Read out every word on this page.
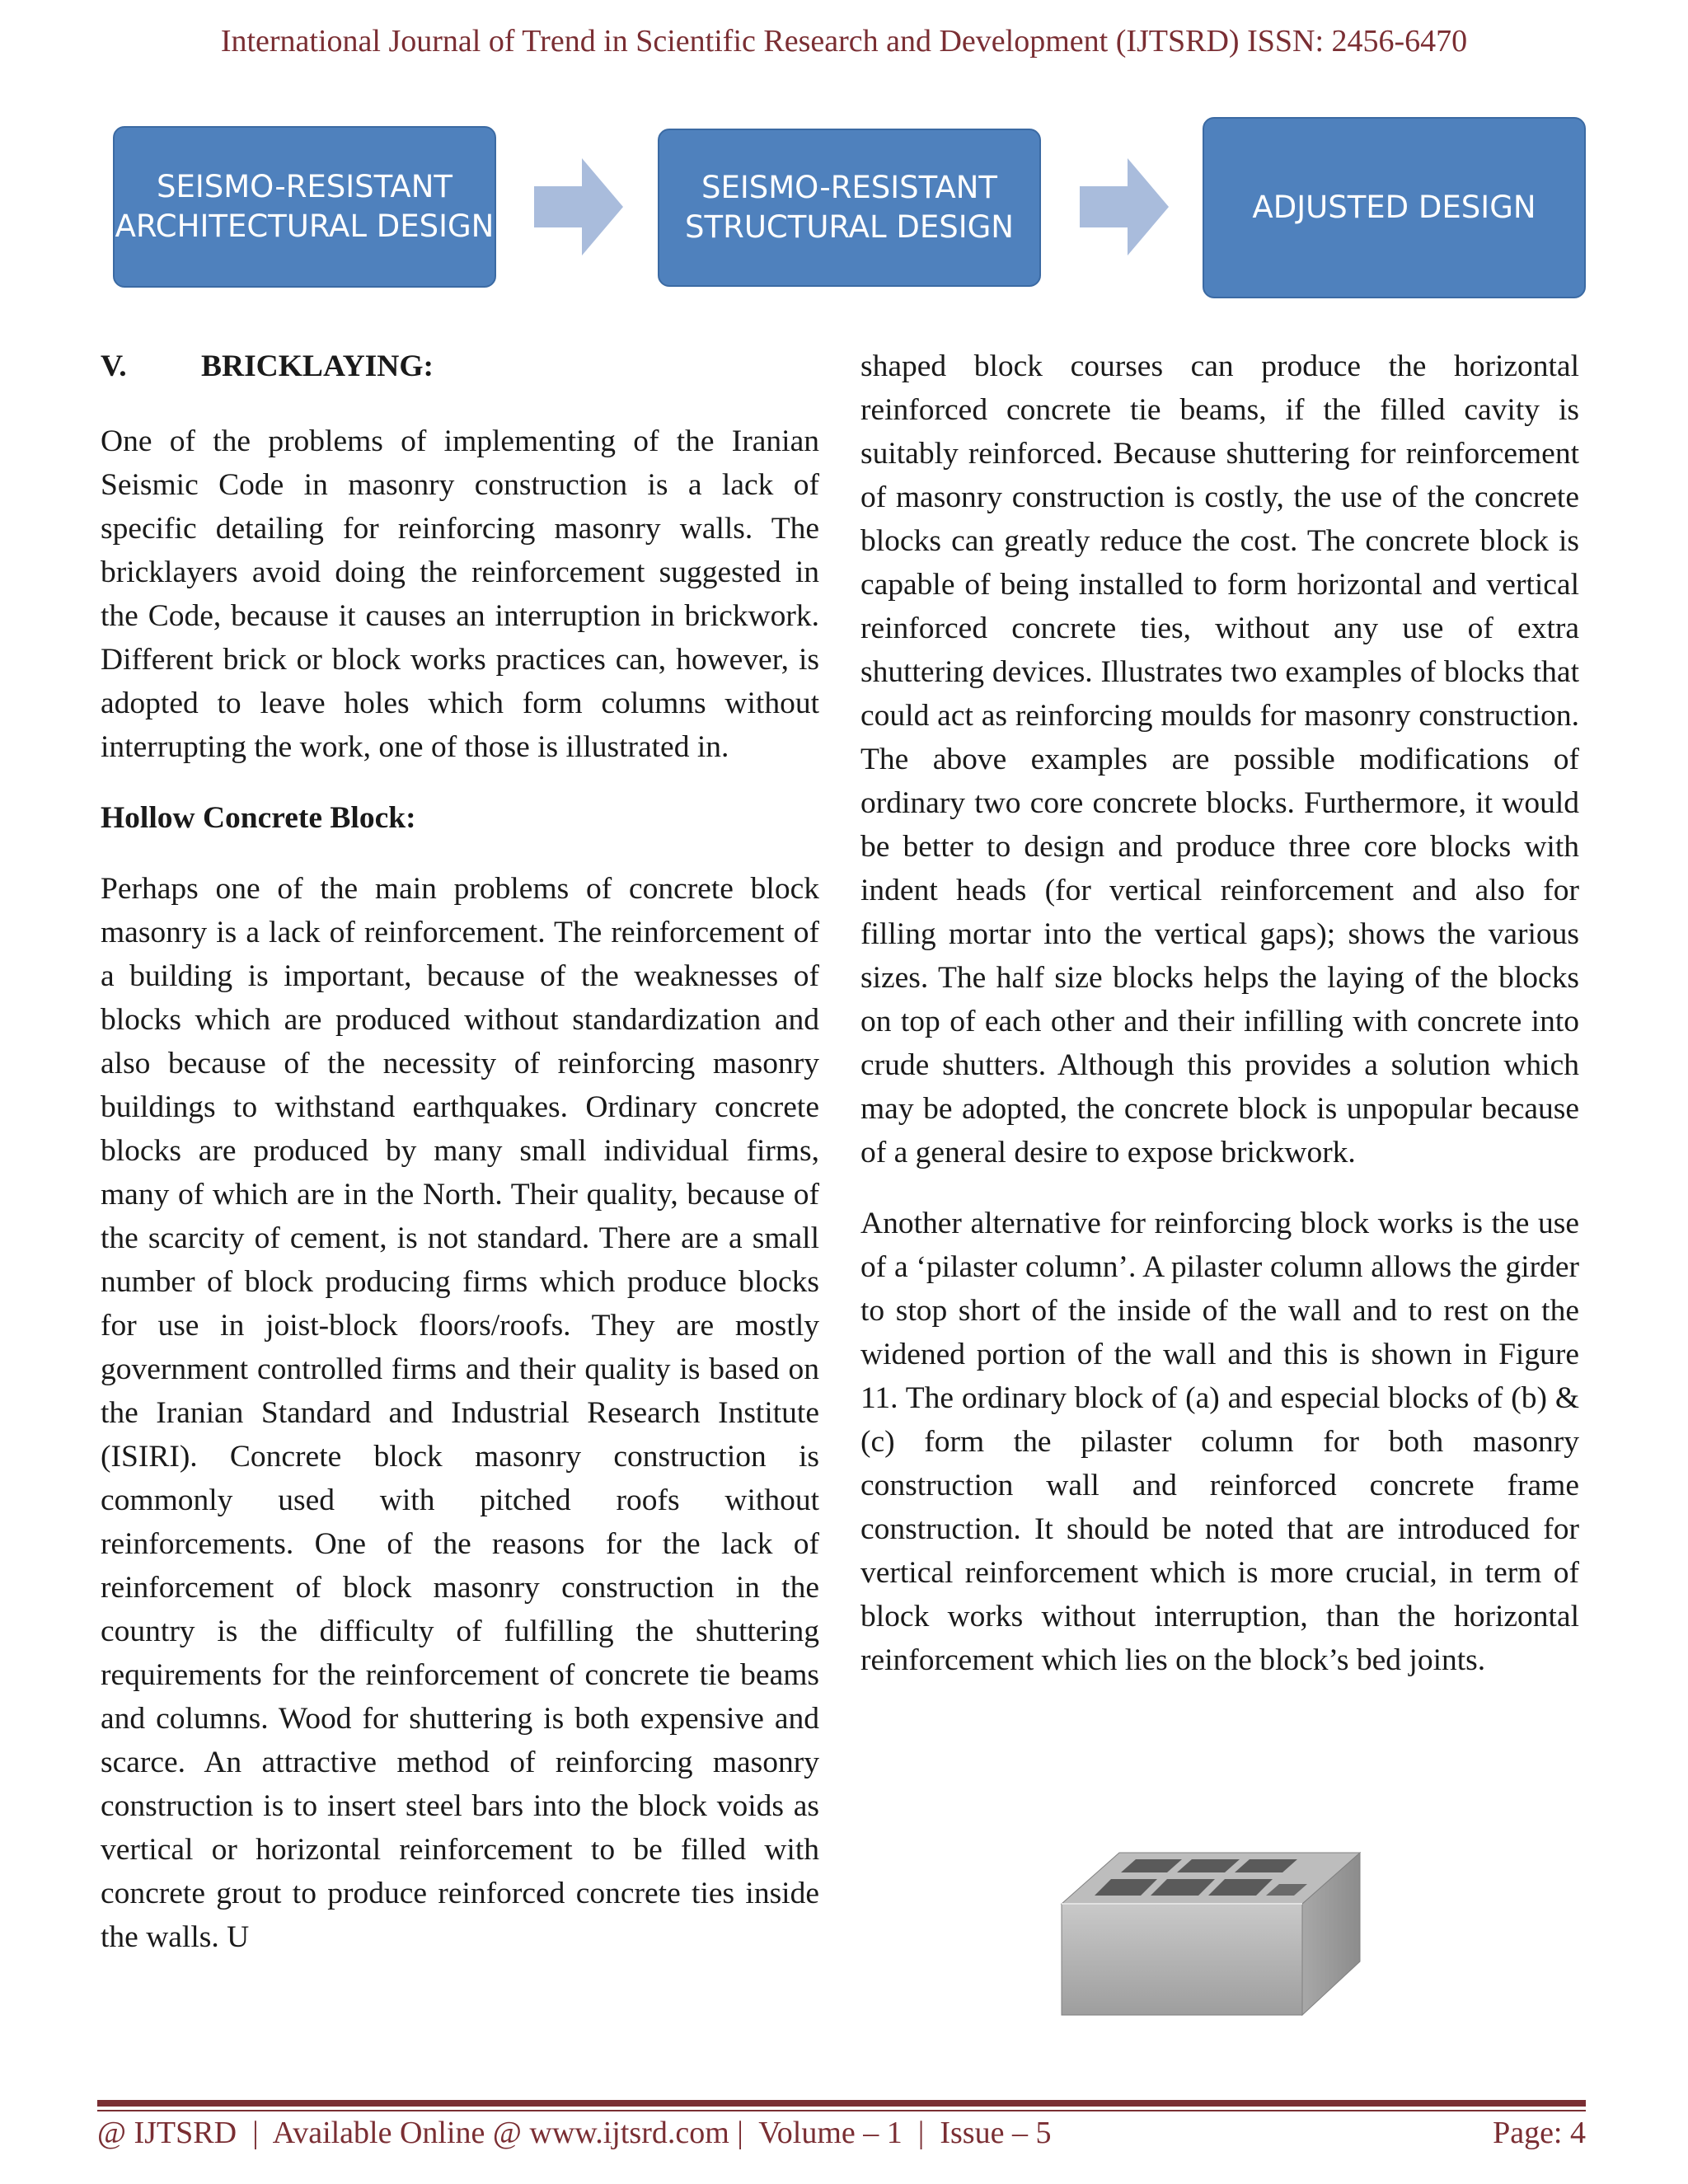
International Journal of Trend in Scientific Research and Development (IJTSRD) ISSN: 2456-6470
SEISMO-RESISTANT
ARCHITECTURAL DESIGN
SEISMO-RESISTANT
STRUCTURAL DESIGN
ADJUSTED DESIGN
V. BRICKLAYING:

One of the problems of implementing of the Iranian Seismic Code in masonry construction is a lack of specific detailing for reinforcing masonry walls. The bricklayers avoid doing the reinforcement suggested in the Code, because it causes an interruption in brickwork. Different brick or block works practices can, however, is adopted to leave holes which form columns without interrupting the work, one of those is illustrated in.

Hollow Concrete Block:

Perhaps one of the main problems of concrete block masonry is a lack of reinforcement. The reinforcement of a building is important, because of the weaknesses of blocks which are produced without standardization and also because of the necessity of reinforcing masonry buildings to withstand earthquakes. Ordinary concrete blocks are produced by many small individual firms, many of which are in the North. Their quality, because of the scarcity of cement, is not standard. There are a small number of block producing firms which produce blocks for use in joist-block floors/roofs. They are mostly government controlled firms and their quality is based on the Iranian Standard and Industrial Research Institute (ISIRI). Concrete block masonry construction is commonly used with pitched roofs without reinforcements. One of the reasons for the lack of reinforcement of block masonry construction in the country is the difficulty of fulfilling the shuttering requirements for the reinforcement of concrete tie beams and columns. Wood for shuttering is both expensive and scarce. An attractive method of reinforcing masonry construction is to insert steel bars into the block voids as vertical or horizontal reinforcement to be filled with concrete grout to produce reinforced concrete ties inside the walls. U

shaped block courses can produce the horizontal reinforced concrete tie beams, if the filled cavity is suitably reinforced. Because shuttering for reinforcement of masonry construction is costly, the use of the concrete blocks can greatly reduce the cost. The concrete block is capable of being installed to form horizontal and vertical reinforced concrete ties, without any use of extra shuttering devices. Illustrates two examples of blocks that could act as reinforcing moulds for masonry construction. The above examples are possible modifications of ordinary two core concrete blocks. Furthermore, it would be better to design and produce three core blocks with indent heads (for vertical reinforcement and also for filling mortar into the vertical gaps); shows the various sizes. The half size blocks helps the laying of the blocks on top of each other and their infilling with concrete into crude shutters. Although this provides a solution which may be adopted, the concrete block is unpopular because of a general desire to expose brickwork.

Another alternative for reinforcing block works is the use of a ‘pilaster column’. A pilaster column allows the girder to stop short of the inside of the wall and to rest on the widened portion of the wall and this is shown in Figure 11. The ordinary block of (a) and especial blocks of (b) & (c) form the pilaster column for both masonry construction wall and reinforced concrete frame construction. It should be noted that are introduced for vertical reinforcement which is more crucial, in term of block works without interruption, than the horizontal reinforcement which lies on the block’s bed joints.

@ IJTSRD  |  Available Online @ www.ijtsrd.com |  Volume – 1  |  Issue – 5	Page: 4
